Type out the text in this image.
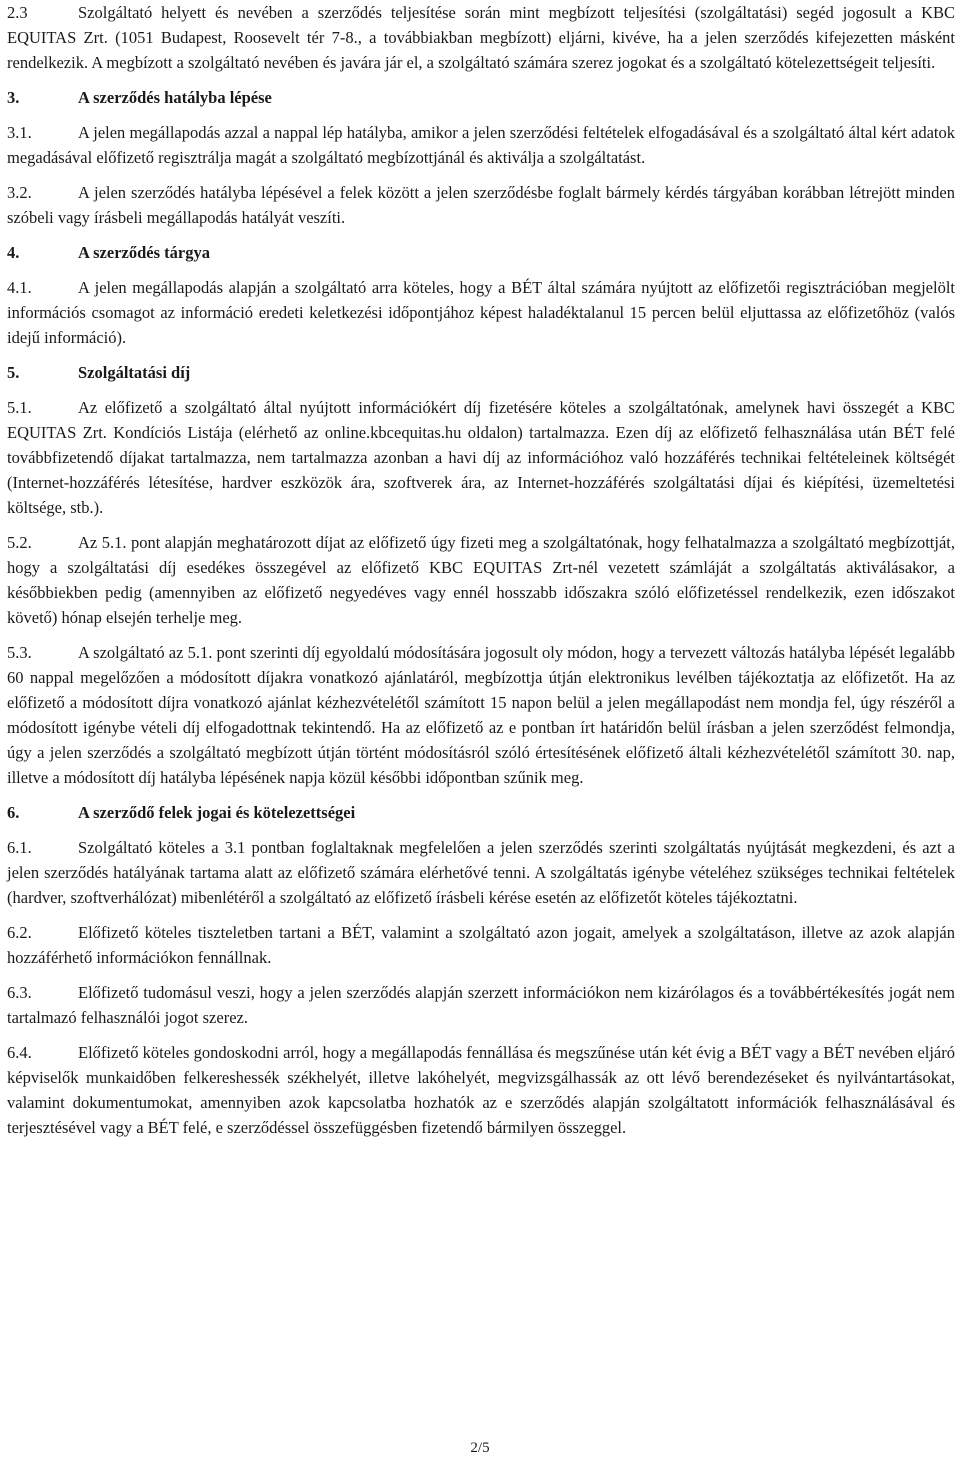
2.3	Szolgáltató helyett és nevében a szerződés teljesítése során mint megbízott teljesítési (szolgáltatási) segéd jogosult a KBC EQUITAS Zrt. (1051 Budapest, Roosevelt tér 7-8., a továbbiakban megbízott) eljárni, kivéve, ha a jelen szerződés kifejezetten másként rendelkezik. A megbízott a szolgáltató nevében és javára jár el, a szolgáltató számára szerez jogokat és a szolgáltató kötelezettségeit teljesíti.

3.	A szerződés hatályba lépése

3.1.	A jelen megállapodás azzal a nappal lép hatályba, amikor a jelen szerződési feltételek elfogadásával és a szolgáltató által kért adatok megadásával előfizető regisztrálja magát a szolgáltató megbízottjánál és aktiválja a szolgáltatást.

3.2.	A jelen szerződés hatályba lépésével a felek között a jelen szerződésbe foglalt bármely kérdés tárgyában korábban létrejött minden szóbeli vagy írásbeli megállapodás hatályát veszíti.

4.	A szerződés tárgya

4.1.	A jelen megállapodás alapján a szolgáltató arra köteles, hogy a BÉT által számára nyújtott az előfizetői regisztrációban megjelölt információs csomagot az információ eredeti keletkezési időpontjához képest haladéktalanul 15 percen belül eljuttassa az előfizetőhöz (valós idejű információ).

5.	Szolgáltatási díj

5.1.	Az előfizető a szolgáltató által nyújtott információkért díj fizetésére köteles a szolgáltatónak, amelynek havi összegét a KBC EQUITAS Zrt. Kondíciós Listája (elérhető az online.kbcequitas.hu oldalon) tartalmazza. Ezen díj az előfizető felhasználása után BÉT felé továbbfizetendő díjakat tartalmazza, nem tartalmazza azonban a havi díj az információhoz való hozzáférés technikai feltételeinek költségét (Internet-hozzáférés létesítése, hardver eszközök ára, szoftverek ára, az Internet-hozzáférés szolgáltatási díjai és kiépítési, üzemeltetési költsége, stb.).

5.2.	Az 5.1. pont alapján meghatározott díjat az előfizető úgy fizeti meg a szolgáltatónak, hogy felhatalmazza a szolgáltató megbízottját, hogy a szolgáltatási díj esedékes összegével az előfizető KBC EQUITAS Zrt-nél vezetett számláját a szolgáltatás aktiválásakor, a későbbiekben pedig (amennyiben az előfizető negyedéves vagy ennél hosszabb időszakra szóló előfizetéssel rendelkezik, ezen időszakot követő) hónap elsején terhelje meg.

5.3.	A szolgáltató az 5.1. pont szerinti díj egyoldalú módosítására jogosult oly módon, hogy a tervezett változás hatályba lépését legalább 60 nappal megelőzően a módosított díjakra vonatkozó ajánlatáról, megbízottja útján elektronikus levélben tájékoztatja az előfizetőt. Ha az előfizető a módosított díjra vonatkozó ajánlat kézhezvételétől számított 15 napon belül a jelen megállapodást nem mondja fel, úgy részéről a módosított igénybe vételi díj elfogadottnak tekintendő. Ha az előfizető az e pontban írt határidőn belül írásban a jelen szerződést felmondja, úgy a jelen szerződés a szolgáltató megbízott útján történt módosításról szóló értesítésének előfizető általi kézhezvételétől számított 30. nap, illetve a módosított díj hatályba lépésének napja közül későbbi időpontban szűnik meg.

6.	A szerződő felek jogai és kötelezettségei

6.1.	Szolgáltató köteles a 3.1 pontban foglaltaknak megfelelően a jelen szerződés szerinti szolgáltatás nyújtását megkezdeni, és azt a jelen szerződés hatályának tartama alatt az előfizető számára elérhetővé tenni. A szolgáltatás igénybe vételéhez szükséges technikai feltételek (hardver, szoftverhálózat) mibenlétéről a szolgáltató az előfizető írásbeli kérése esetén az előfizetőt köteles tájékoztatni.

6.2.	Előfizető köteles tiszteletben tartani a BÉT, valamint a szolgáltató azon jogait, amelyek a szolgáltatáson, illetve az azok alapján hozzáférhető információkon fennállnak.

6.3.	Előfizető tudomásul veszi, hogy a jelen szerződés alapján szerzett információkon nem kizárólagos és a továbbértékesítés jogát nem tartalmazó felhasználói jogot szerez.

6.4.	Előfizető köteles gondoskodni arról, hogy a megállapodás fennállása és megszűnése után két évig a BÉT vagy a BÉT nevében eljáró képviselők munkaidőben felkereshessék székhelyét, illetve lakóhelyét, megvizsgálhassák az ott lévő berendezéseket és nyilvántartásokat, valamint dokumentumokat, amennyiben azok kapcsolatba hozhatók az e szerződés alapján szolgáltatott információk felhasználásával és terjesztésével vagy a BÉT felé, e szerződéssel összefüggésben fizetendő bármilyen összeggel.

2/5
